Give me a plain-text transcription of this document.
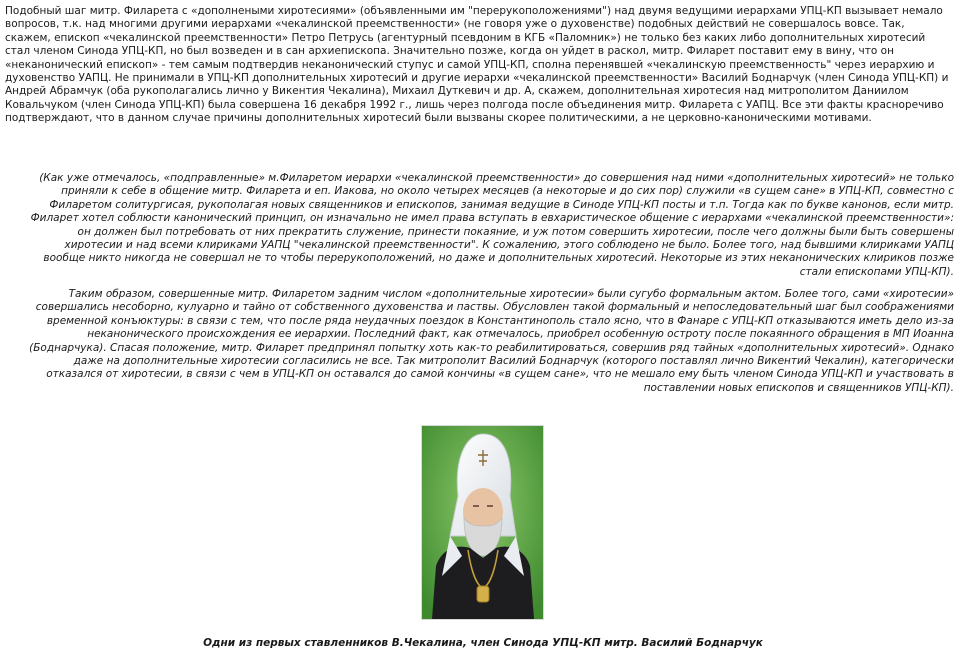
Подобный шаг митр. Филарета с «дополнеными хиротесиями» (объявленными им "перерукоположениями") над двумя ведущими иерархами УПЦ-КП вызывает немало вопросов, т.к. над многими другими иерархами «чекалинской преемственности» (не говоря уже о духовенстве) подобных действий не совершалось вовсе. Так, скажем, епископ «чекалинской преемственности» Петро Петрусь (агентурный псевдоним в КГБ «Паломник») не только без каких либо дополнительных хиротесий стал членом Синода УПЦ-КП, но был возведен и в сан архиепископа. Значительно позже, когда он уйдет в раскол, митр. Филарет поставит ему в вину, что он «неканонический епископ» - тем самым подтвердив неканонический ступус и самой УПЦ-КП, сполна перенявшей «чекалинскую преемственность" через иерархию и духовенство УАПЦ. Не принимали в УПЦ-КП дополнительных хиротесий и другие иерархи «чекалинской преемственности» Василий Боднарчук (член Синода УПЦ-КП) и Андрей Абрамчук (оба рукополагались лично у Викентия Чекалина), Михаил Дуткевич и др. А, скажем, дополнительная хиротесия над митрополитом Даниилом Ковальчуком (член Синода УПЦ-КП) была совершена 16 декабря 1992 г., лишь через полгода после объединения митр. Филарета с УАПЦ. Все эти факты красноречиво подтверждают, что в данном случае причины дополнительных хиротесий были вызваны скорее политическими, а не церковно-каноническими мотивами.

(Как уже отмечалось, «подправленные» м.Филаретом иерархи «чекалинской преемственности» до совершения над ними «дополнительных хиротесий» не только приняли к себе в общение митр. Филарета и еп. Иакова, но около четырех месяцев (а некоторые и до сих пор) служили «в сущем сане» в УПЦ-КП, совместно с Филаретом солитургисая, рукополагая новых священников и епископов, занимая ведущие в Синоде УПЦ-КП посты и т.п. Тогда как по букве канонов, если митр. Филарет хотел соблюсти канонический принцип, он изначально не имел права вступать в евхаристическое общение с иерархами «чекалинской преемственности»: он должен был потребовать от них прекратить служение, принести покаяние, и уж потом совершить хиротесии, после чего должны были быть совершены хиротесии и над всеми клириками УАПЦ "чекалинской преемственности". К сожалению, этого соблюдено не было. Более того, над бывшими клириками УАПЦ вообще никто никогда не совершал не то чтобы перерукоположений, но даже и дополнительных хиротесий. Некоторые из этих неканонических клириков позже стали епископами УПЦ-КП).

Таким образом, совершенные митр. Филаретом задним числом «дополнительные хиротесии» были сугубо формальным актом. Более того, сами «хиротесии» совершались несоборно, кулуарно и тайно от собственного духовенства и паствы. Обусловлен такой формальный и непоследовательный шаг был соображениями временной конъюктуры: в связи с тем, что после ряда неудачных поездок в Константинополь стало ясно, что в Фанаре с УПЦ-КП отказываются иметь дело из-за неканонического происхождения ее иерархии. Последний факт, как отмечалось, приобрел особенную остроту после покаянного обращения в МП Иоанна (Боднарчука). Спасая положение, митр. Филарет предпринял попытку хоть как-то реабилитироваться, совершив ряд тайных «дополнительных хиротесий». Однако даже на дополнительные хиротесии согласились не все. Так митрополит Василий Боднарчук (которого поставлял лично Викентий Чекалин), категорически отказался от хиротесии, в связи с чем в УПЦ-КП он оставался до самой кончины «в сущем сане», что не мешало ему быть членом Синода УПЦ-КП и участвовать в поставлении новых епископов и священников УПЦ-КП).

Одни из первых ставленников В.Чекалина, член Синода УПЦ-КП митр. Василий Боднарчук
